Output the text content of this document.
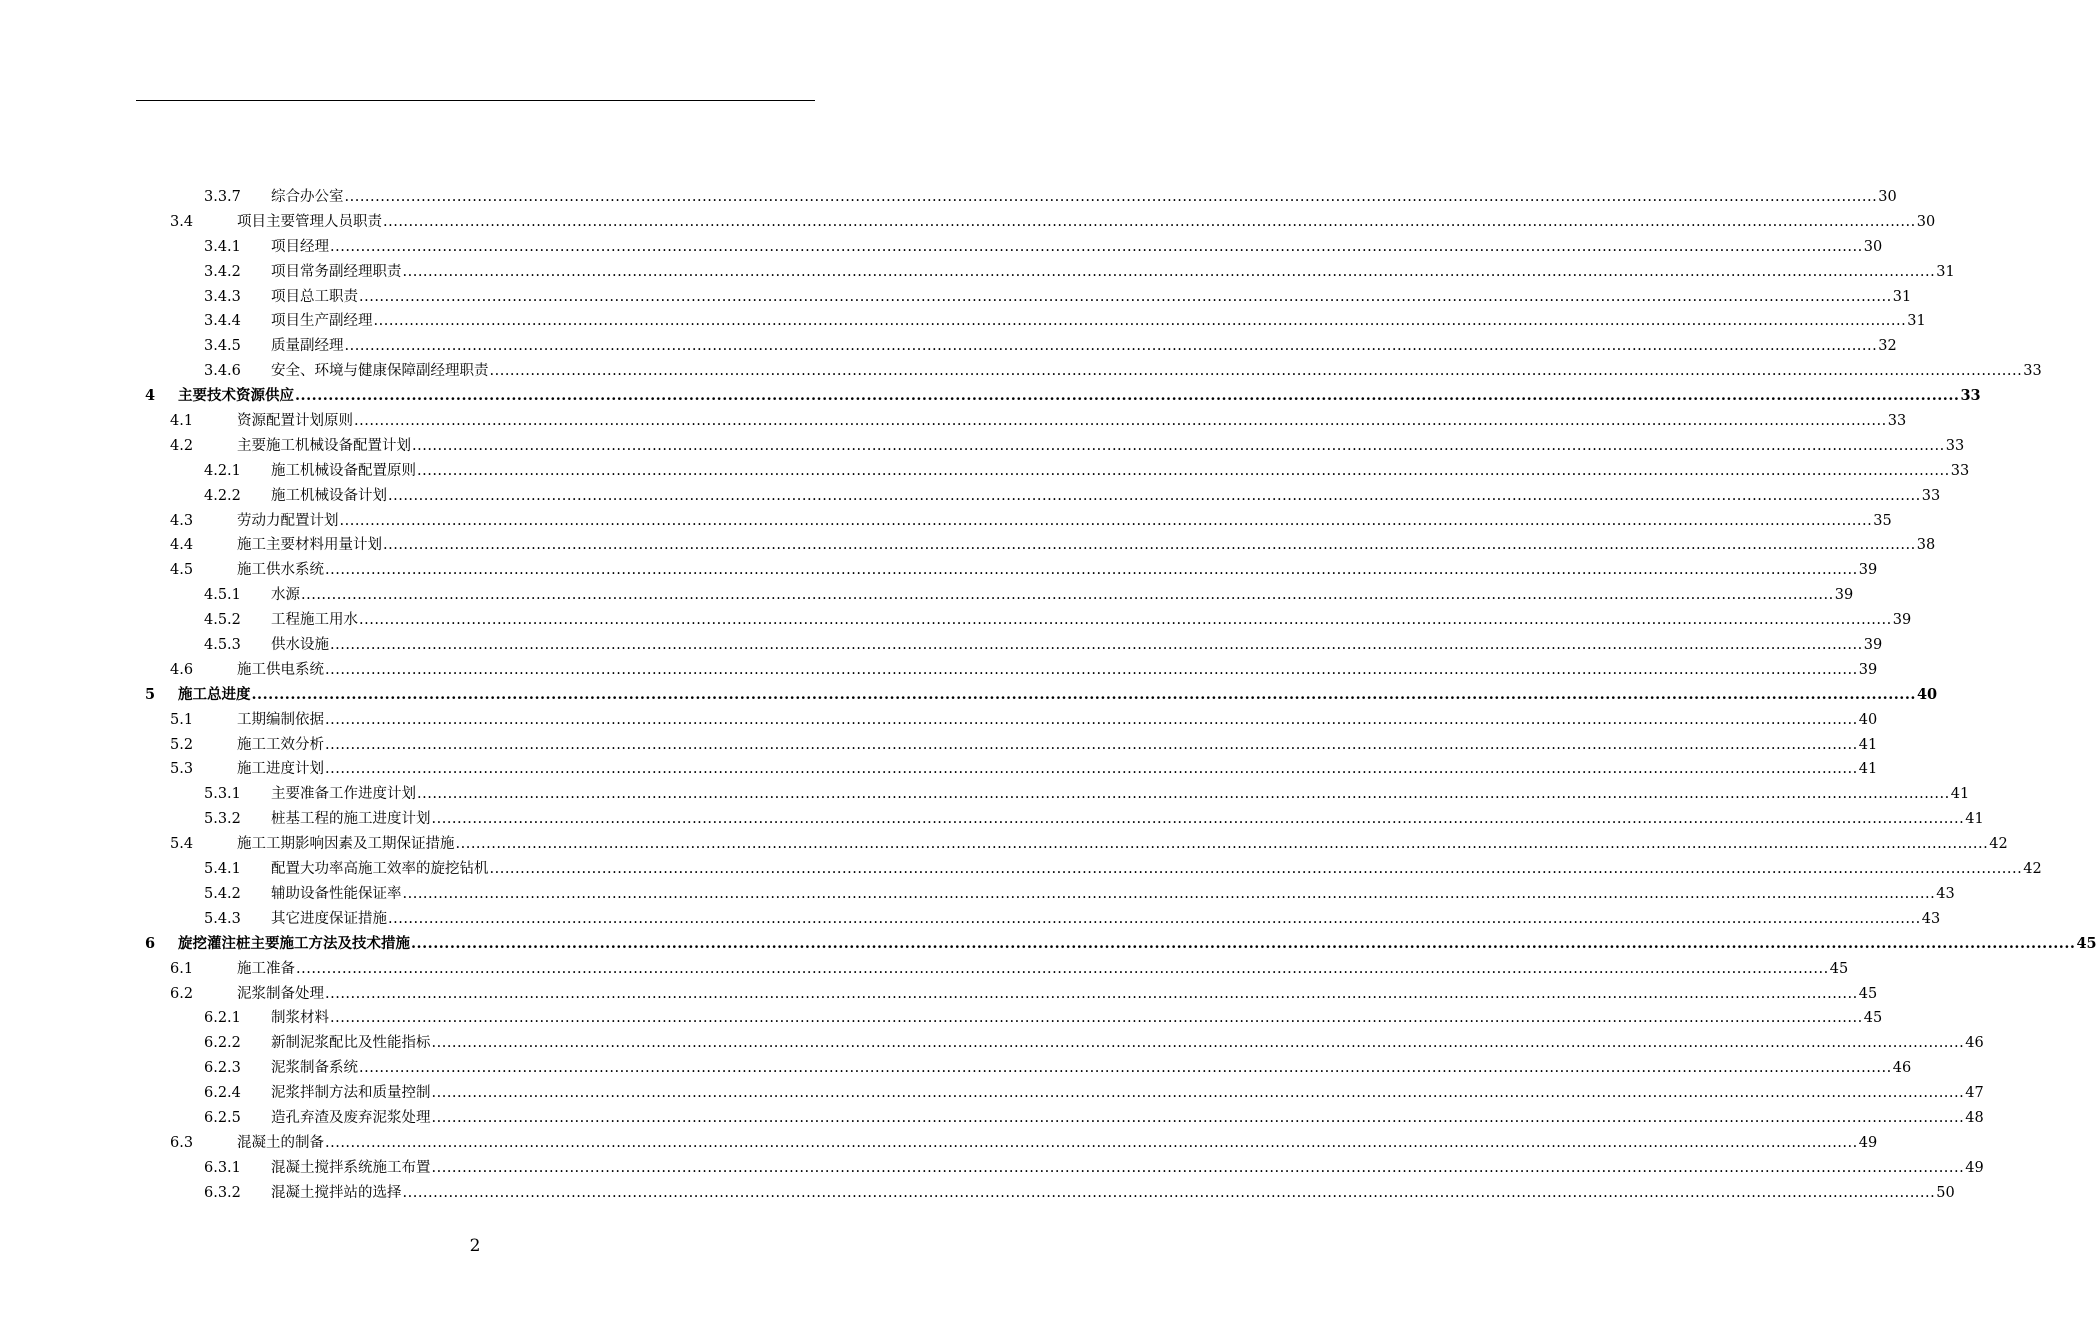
3.3.7 综合办公室 ............................................................................................................................................................................................................................................................................................................ 30
3.4	项目主要管理人员职责 ............................................................................................................................................................................................................................................................................................................ 30
3.4.1 项目经理 ............................................................................................................................................................................................................................................................................................................ 30
3.4.2 项目常务副经理职责 ............................................................................................................................................................................................................................................................................................................ 31
3.4.3 项目总工职责 ............................................................................................................................................................................................................................................................................................................ 31
3.4.4 项目生产副经理 ............................................................................................................................................................................................................................................................................................................ 31
3.4.5 质量副经理 ............................................................................................................................................................................................................................................................................................................ 32
3.4.6 安全、环境与健康保障副经理职责 ............................................................................................................................................................................................................................................................................................................ 33
4 主要技术资源供应 ............................................................................................................................................................................................................................................................................................................ 33
4.1	资源配置计划原则 ............................................................................................................................................................................................................................................................................................................ 33
4.2	主要施工机械设备配置计划 ............................................................................................................................................................................................................................................................................................................ 33
4.2.1 施工机械设备配置原则 ............................................................................................................................................................................................................................................................................................................ 33
4.2.2 施工机械设备计划 ............................................................................................................................................................................................................................................................................................................ 33
4.3	劳动力配置计划 ............................................................................................................................................................................................................................................................................................................ 35
4.4	施工主要材料用量计划 ............................................................................................................................................................................................................................................................................................................ 38
4.5	施工供水系统 ............................................................................................................................................................................................................................................................................................................ 39
4.5.1 水源 ............................................................................................................................................................................................................................................................................................................ 39
4.5.2 工程施工用水 ............................................................................................................................................................................................................................................................................................................ 39
4.5.3 供水设施 ............................................................................................................................................................................................................................................................................................................ 39
4.6	施工供电系统 ............................................................................................................................................................................................................................................................................................................ 39
5 施工总进度 ............................................................................................................................................................................................................................................................................................................ 40
5.1	工期编制依据 ............................................................................................................................................................................................................................................................................................................ 40
5.2	施工工效分析 ............................................................................................................................................................................................................................................................................................................ 41
5.3	施工进度计划 ............................................................................................................................................................................................................................................................................................................ 41
5.3.1 主要准备工作进度计划 ............................................................................................................................................................................................................................................................................................................ 41
5.3.2 桩基工程的施工进度计划 ............................................................................................................................................................................................................................................................................................................ 41
5.4	施工工期影响因素及工期保证措施 ............................................................................................................................................................................................................................................................................................................ 42
5.4.1 配置大功率高施工效率的旋挖钻机 ............................................................................................................................................................................................................................................................................................................ 42
5.4.2 辅助设备性能保证率 ............................................................................................................................................................................................................................................................................................................ 43
5.4.3 其它进度保证措施 ............................................................................................................................................................................................................................................................................................................ 43
6 旋挖灌注桩主要施工方法及技术措施 ............................................................................................................................................................................................................................................................................................................ 45
6.1	施工准备 ............................................................................................................................................................................................................................................................................................................ 45
6.2	泥浆制备处理 ............................................................................................................................................................................................................................................................................................................ 45
6.2.1 制浆材料 ............................................................................................................................................................................................................................................................................................................ 45
6.2.2 新制泥浆配比及性能指标 ............................................................................................................................................................................................................................................................................................................ 46
6.2.3 泥浆制备系统 ............................................................................................................................................................................................................................................................................................................ 46
6.2.4 泥浆拌制方法和质量控制 ............................................................................................................................................................................................................................................................................................................ 47
6.2.5 造孔弃渣及废弃泥浆处理 ............................................................................................................................................................................................................................................................................................................ 48
6.3	混凝土的制备 ............................................................................................................................................................................................................................................................................................................ 49
6.3.1 混凝土搅拌系统施工布置 ............................................................................................................................................................................................................................................................................................................ 49
6.3.2 混凝土搅拌站的选择 ............................................................................................................................................................................................................................................................................................................ 50
2
